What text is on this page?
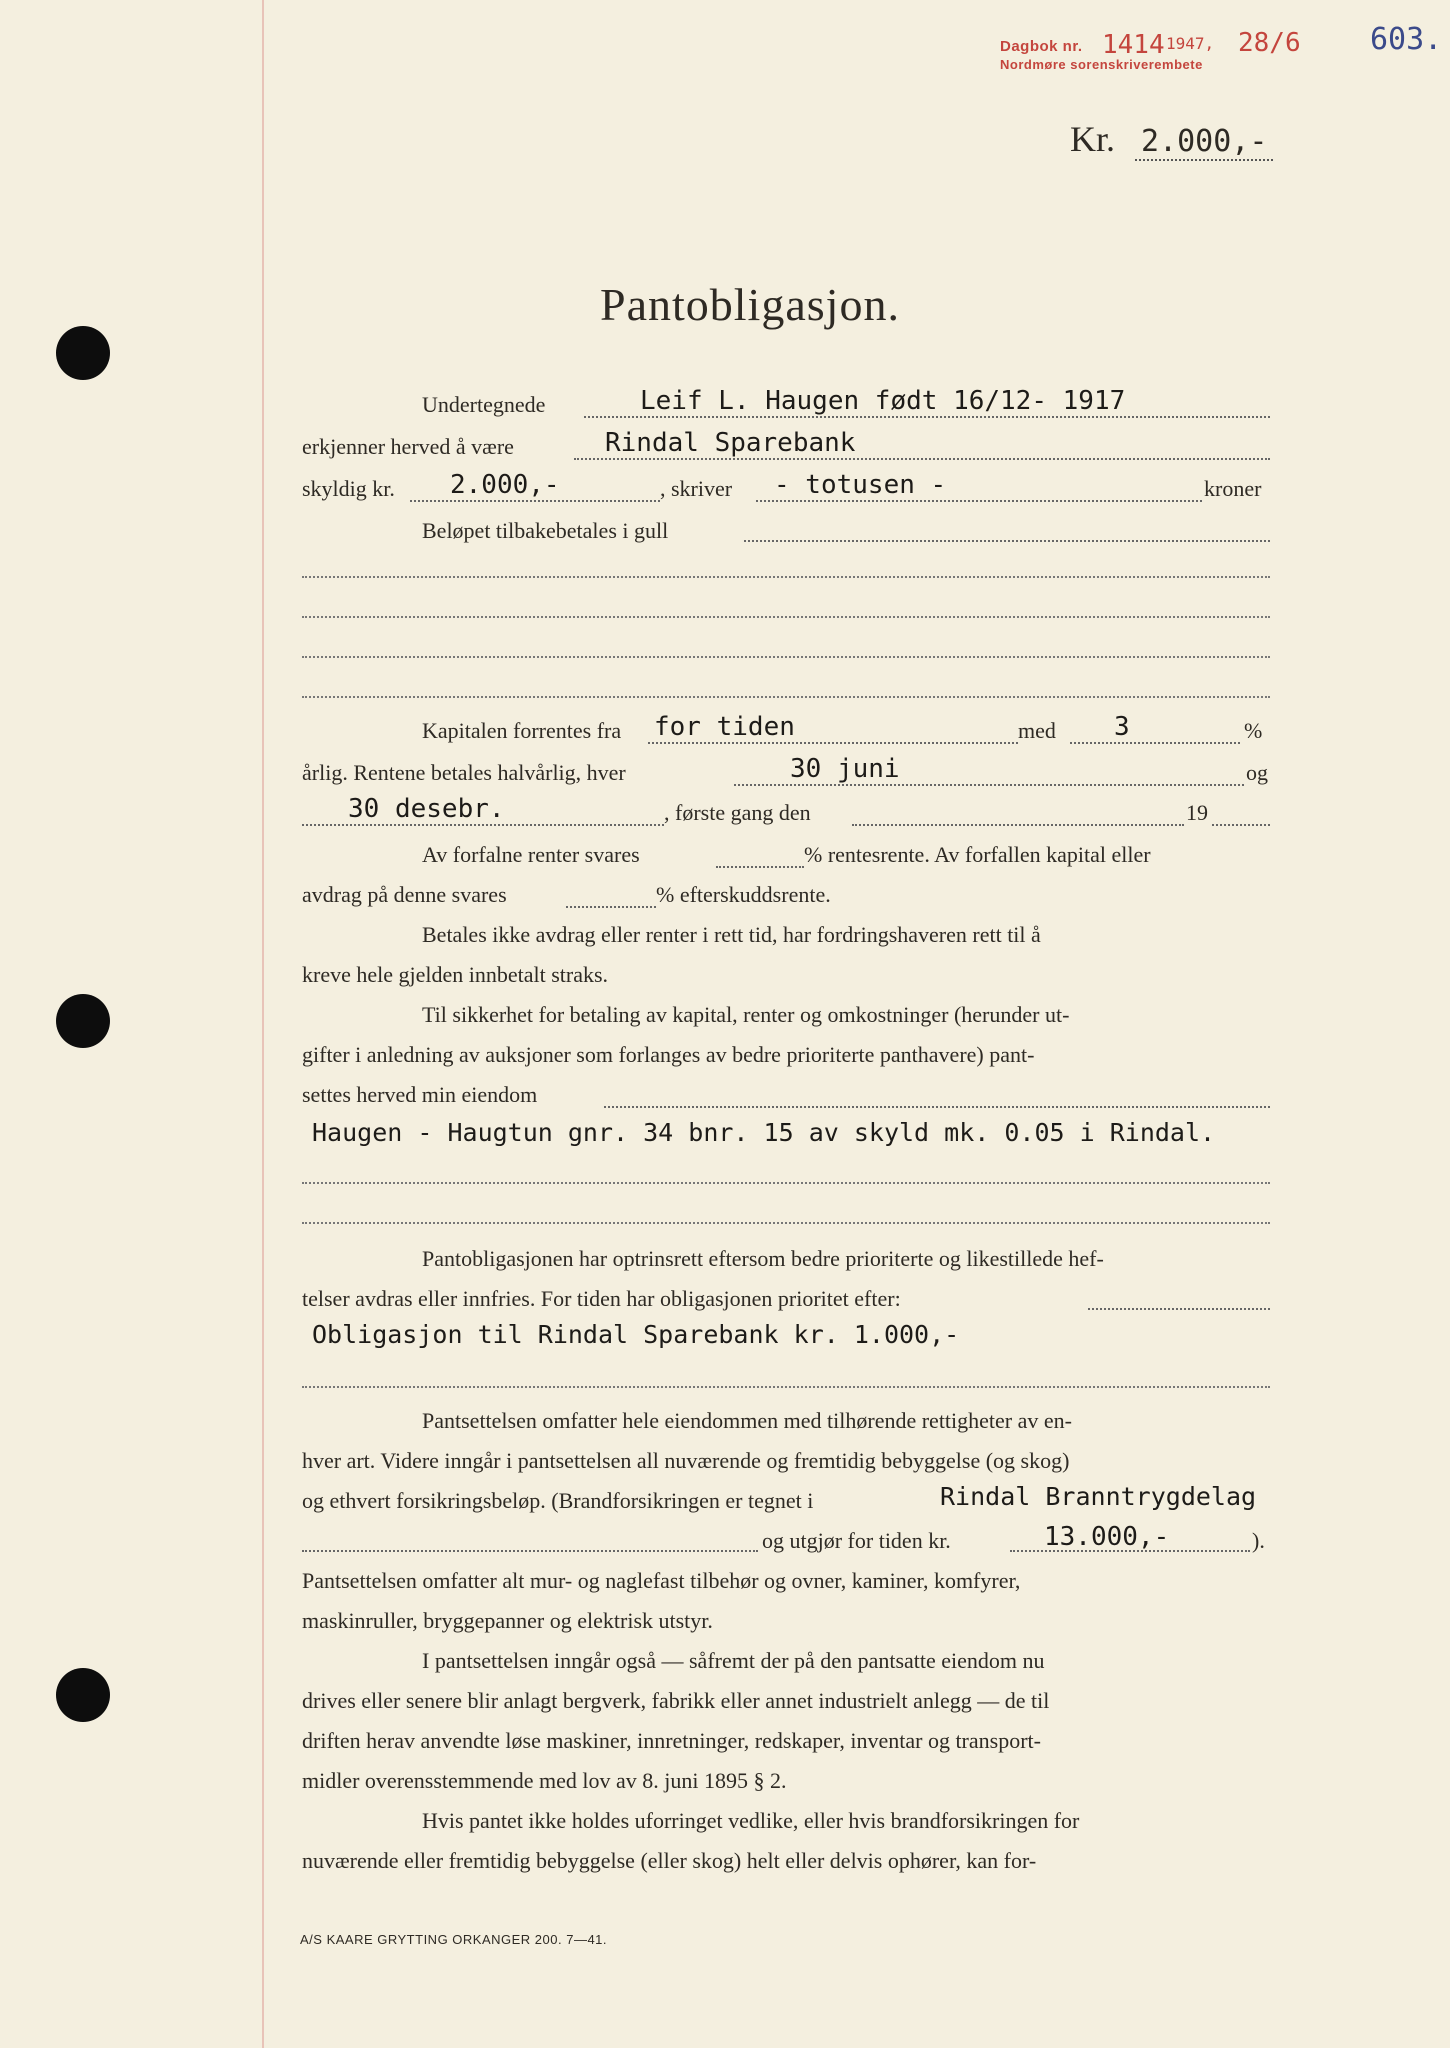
Dagbok nr. 1414 1947, 28/6
Nordmøre sorenskriverembete
603.
Kr. 2.000,-
Pantobligasjon.
Undertegnede	Leif L. Haugen født 16/12- 1917
erkjenner herved å være	Rindal Sparebank
skyldig kr. 2.000,-	, skriver - totusen -	kroner
Beløpet tilbakebetales i gull
Kapitalen forrentes fra for tiden	med 3	%
årlig. Rentene betales halvårlig, hver	30 juni	og
30 desebr.	, første gang den	19
Av forfalne renter svares	% rentesrente. Av forfallen kapital eller
avdrag på denne svares	% efterskuddsrente.
Betales ikke avdrag eller renter i rett tid, har fordringshaveren rett til å
kreve hele gjelden innbetalt straks.
Til sikkerhet for betaling av kapital, renter og omkostninger (herunder ut-
gifter i anledning av auksjoner som forlanges av bedre prioriterte panthavere) pant-
settes herved min eiendom
Haugen - Haugtun gnr. 34 bnr. 15 av skyld mk. 0.05 i Rindal.
Pantobligasjonen har optrinsrett eftersom bedre prioriterte og likestillede hef-
telser avdras eller innfries. For tiden har obligasjonen prioritet efter:
Obligasjon til Rindal Sparebank kr. 1.000,-
Pantsettelsen omfatter hele eiendommen med tilhørende rettigheter av en-
hver art. Videre inngår i pantsettelsen all nuværende og fremtidig bebyggelse (og skog)
og ethvert forsikringsbeløp. (Brandforsikringen er tegnet i	Rindal Branntrygdelag
og utgjør for tiden kr.	13.000,-	).
Pantsettelsen omfatter alt mur- og naglefast tilbehør og ovner, kaminer, komfyrer,
maskinruller, bryggepanner og elektrisk utstyr.
I pantsettelsen inngår også — såfremt der på den pantsatte eiendom nu
drives eller senere blir anlagt bergverk, fabrikk eller annet industrielt anlegg — de til
driften herav anvendte løse maskiner, innretninger, redskaper, inventar og transport-
midler overensstemmende med lov av 8. juni 1895 § 2.
Hvis pantet ikke holdes uforringet vedlike, eller hvis brandforsikringen for
nuværende eller fremtidig bebyggelse (eller skog) helt eller delvis ophører, kan for-
A/S KAARE GRYTTING ORKANGER 200. 7—41.
